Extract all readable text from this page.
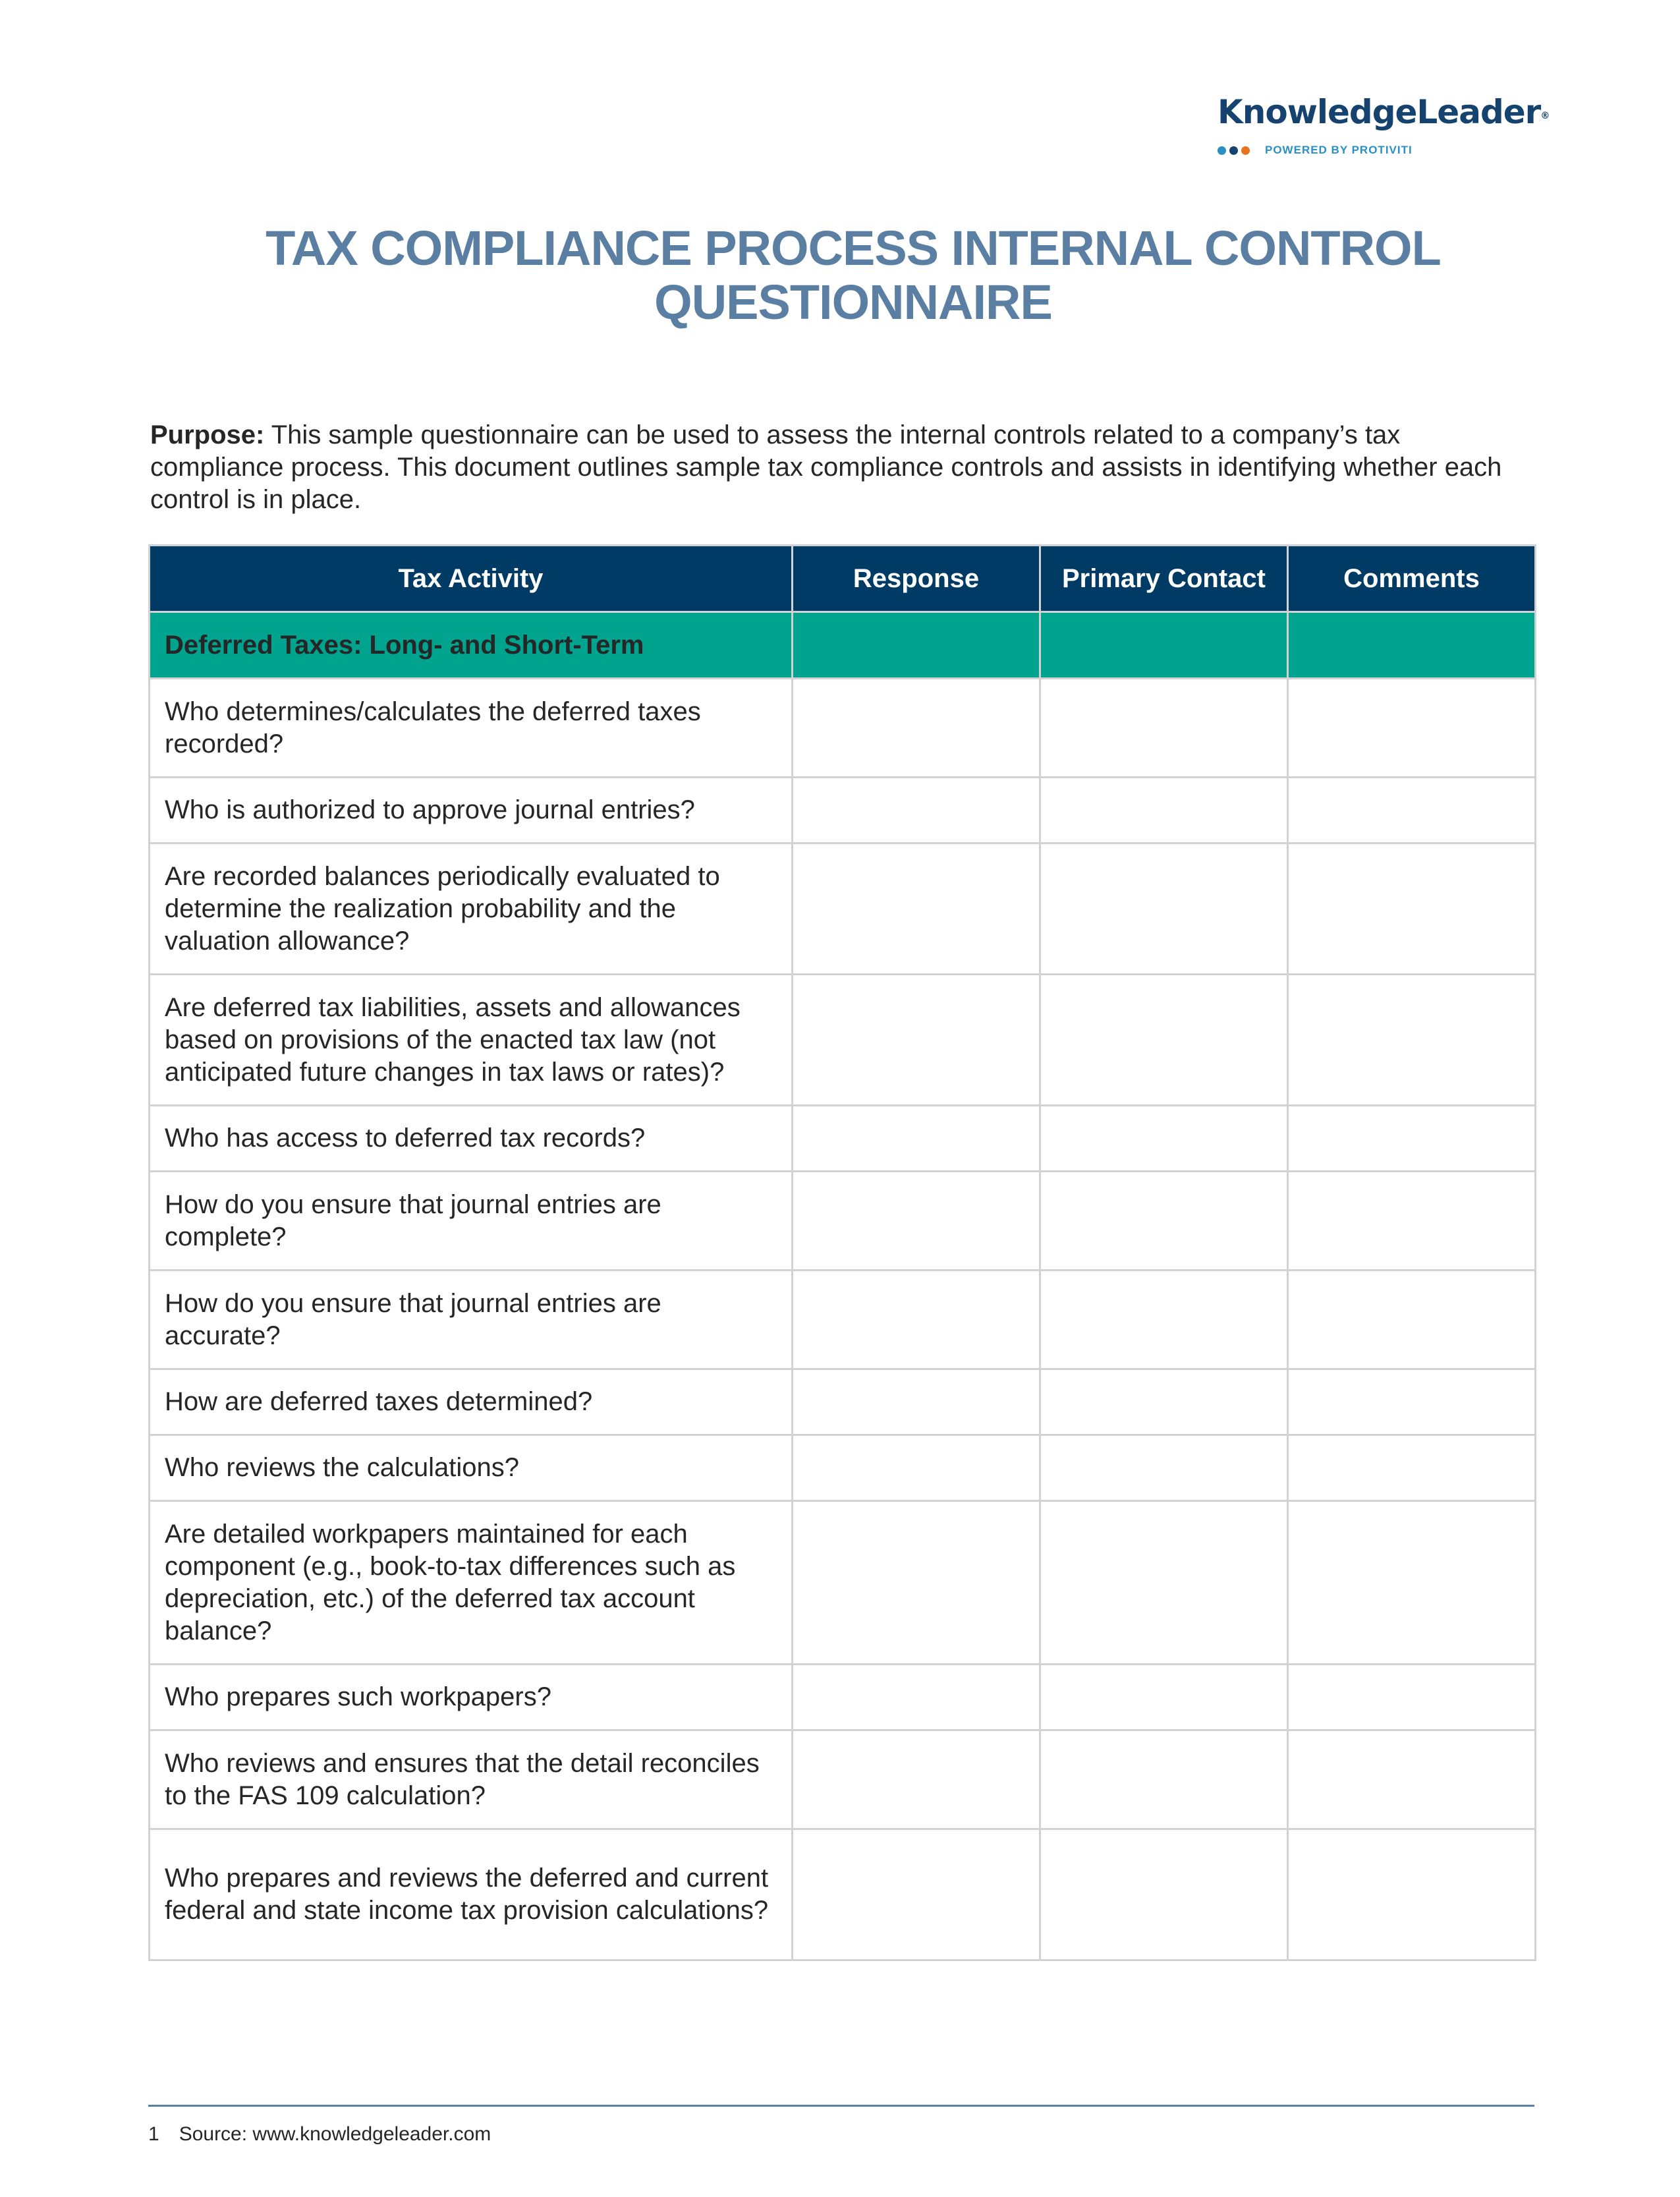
KnowledgeLeader®
POWERED BY PROTIVITI
TAX COMPLIANCE PROCESS INTERNAL CONTROL
QUESTIONNAIRE

Purpose: This sample questionnaire can be used to assess the internal controls related to a company’s tax compliance process. This document outlines sample tax compliance controls and assists in identifying whether each control is in place.

Tax Activity	Response	Primary Contact	Comments
Deferred Taxes: Long- and Short-Term			
Who determines/calculates the deferred taxes recorded?			
Who is authorized to approve journal entries?			
Are recorded balances periodically evaluated to determine the realization probability and the valuation allowance?			
Are deferred tax liabilities, assets and allowances based on provisions of the enacted tax law (not anticipated future changes in tax laws or rates)?			
Who has access to deferred tax records?			
How do you ensure that journal entries are complete?			
How do you ensure that journal entries are accurate?			
How are deferred taxes determined?			
Who reviews the calculations?			
Are detailed workpapers maintained for each component (e.g., book-to-tax differences such as depreciation, etc.) of the deferred tax account balance?			
Who prepares such workpapers?			
Who reviews and ensures that the detail reconciles to the FAS 109 calculation?			
Who prepares and reviews the deferred and current federal and state income tax provision calculations?			
1 Source: www.knowledgeleader.com
